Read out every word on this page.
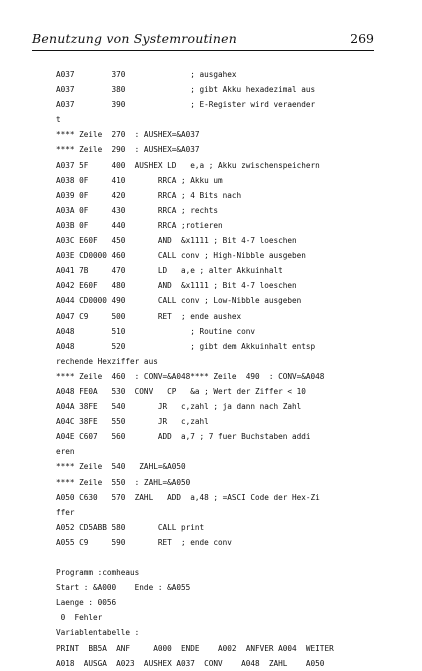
Benutzung von Systemroutinen	269
A037        370              ; ausgahex
A037        380              ; gibt Akku hexadezimal aus
A037        390              ; E-Register wird veraender
t
**** Zeile  270  : AUSHEX=&A037
**** Zeile  290  : AUSHEX=&A037
A037 5F     400  AUSHEX LD   e,a ; Akku zwischenspeichern
A038 0F     410       RRCA ; Akku um
A039 0F     420       RRCA ; 4 Bits nach
A03A 0F     430       RRCA ; rechts
A03B 0F     440       RRCA ;rotieren
A03C E60F   450       AND  &x1111 ; Bit 4-7 loeschen
A03E CD0000 460       CALL conv ; High-Nibble ausgeben
A041 7B     470       LD   a,e ; alter Akkuinhalt
A042 E60F   480       AND  &x1111 ; Bit 4-7 loeschen
A044 CD0000 490       CALL conv ; Low-Nibble ausgeben
A047 C9     500       RET  ; ende aushex
A048        510              ; Routine conv
A048        520              ; gibt dem Akkuinhalt entsp
rechende Hexziffer aus
**** Zeile  460  : CONV=&A048**** Zeile  490  : CONV=&A048
A048 FE0A   530  CONV   CP   &a ; Wert der Ziffer < 10
A04A 38FE   540       JR   c,zahl ; ja dann nach Zahl
A04C 38FE   550       JR   c,zahl
A04E C607   560       ADD  a,7 ; 7 fuer Buchstaben addi
eren
**** Zeile  540   ZAHL=&A050
**** Zeile  550  : ZAHL=&A050
A050 C630   570  ZAHL   ADD  a,48 ; =ASCI Code der Hex-Zi
ffer
A052 CD5ABB 580       CALL print
A055 C9     590       RET  ; ende conv
Programm :comheaus
Start : &A000    Ende : &A055
Laenge : 0056
0  Fehler
Variablentabelle :
PRINT  BB5A  ANF     A000  ENDE    A002  ANFVER A004  WEITER
A018  AUSGA  A023  AUSHEX A037  CONV    A048  ZAHL    A050
